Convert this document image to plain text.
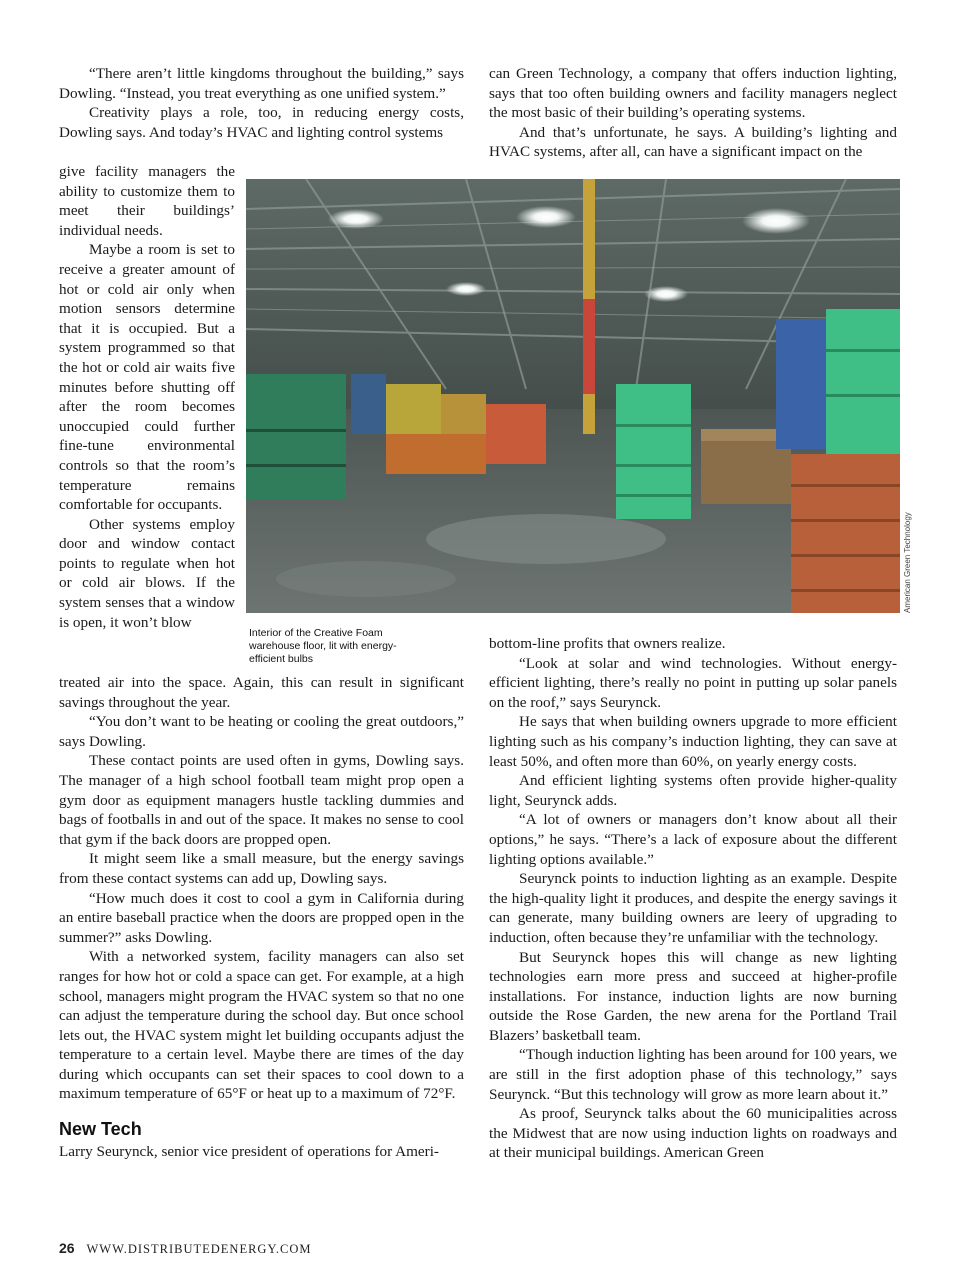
“There aren’t little kingdoms throughout the building,” says Dowling. “Instead, you treat everything as one unified system.”

Creativity plays a role, too, in reducing energy costs, Dowling says. And today’s HVAC and lighting control systems

give facility managers the ability to customize them to meet their buildings’ individual needs.

Maybe a room is set to receive a greater amount of hot or cold air only when motion sensors determine that it is occupied. But a system programmed so that the hot or cold air waits five minutes before shutting off after the room becomes unoccupied could further fine-tune environmental controls so that the room’s temperature remains comfortable for occupants.

Other systems employ door and window contact points to regulate when hot or cold air blows. If the system senses that a window is open, it won’t blow

treated air into the space. Again, this can result in significant savings throughout the year.

“You don’t want to be heating or cooling the great outdoors,” says Dowling.

These contact points are used often in gyms, Dowling says. The manager of a high school football team might prop open a gym door as equipment managers hustle tackling dummies and bags of footballs in and out of the space. It makes no sense to cool that gym if the back doors are propped open.

It might seem like a small measure, but the energy savings from these contact systems can add up, Dowling says.

“How much does it cost to cool a gym in California during an entire baseball practice when the doors are propped open in the summer?” asks Dowling.

With a networked system, facility managers can also set ranges for how hot or cold a space can get. For example, at a high school, managers might program the HVAC system so that no one can adjust the temperature during the school day. But once school lets out, the HVAC system might let building occupants adjust the temperature to a certain level. Maybe there are times of the day during which occupants can set their spaces to cool down to a maximum temperature of 65°F or heat up to a maximum of 72°F.

New Tech

Larry Seurynck, senior vice president of operations for Ameri-

can Green Technology, a company that offers induction lighting, says that too often building owners and facility managers neglect the most basic of their building’s operating systems.

And that’s unfortunate, he says. A building’s lighting and HVAC systems, after all, can have a significant impact on the

American Green Technology
Interior of the Creative Foam warehouse floor, lit with energy-efficient bulbs

bottom-line profits that owners realize.

“Look at solar and wind technologies. Without energy-efficient lighting, there’s really no point in putting up solar panels on the roof,” says Seurynck.

He says that when building owners upgrade to more efficient lighting such as his company’s induction lighting, they can save at least 50%, and often more than 60%, on yearly energy costs.

And efficient lighting systems often provide higher-quality light, Seurynck adds.

“A lot of owners or managers don’t know about all their options,” he says. “There’s a lack of exposure about the different lighting options available.”

Seurynck points to induction lighting as an example. Despite the high-quality light it produces, and despite the energy savings it can generate, many building owners are leery of upgrading to induction, often because they’re unfamiliar with the technology.

But Seurynck hopes this will change as new lighting technologies earn more press and succeed at higher-profile installations. For instance, induction lights are now burning outside the Rose Garden, the new arena for the Portland Trail Blazers’ basketball team.

“Though induction lighting has been around for 100 years, we are still in the first adoption phase of this technology,” says Seurynck. “But this technology will grow as more learn about it.”

As proof, Seurynck talks about the 60 municipalities across the Midwest that are now using induction lights on roadways and at their municipal buildings. American Green

26 WWW.DISTRIBUTEDENERGY.COM
